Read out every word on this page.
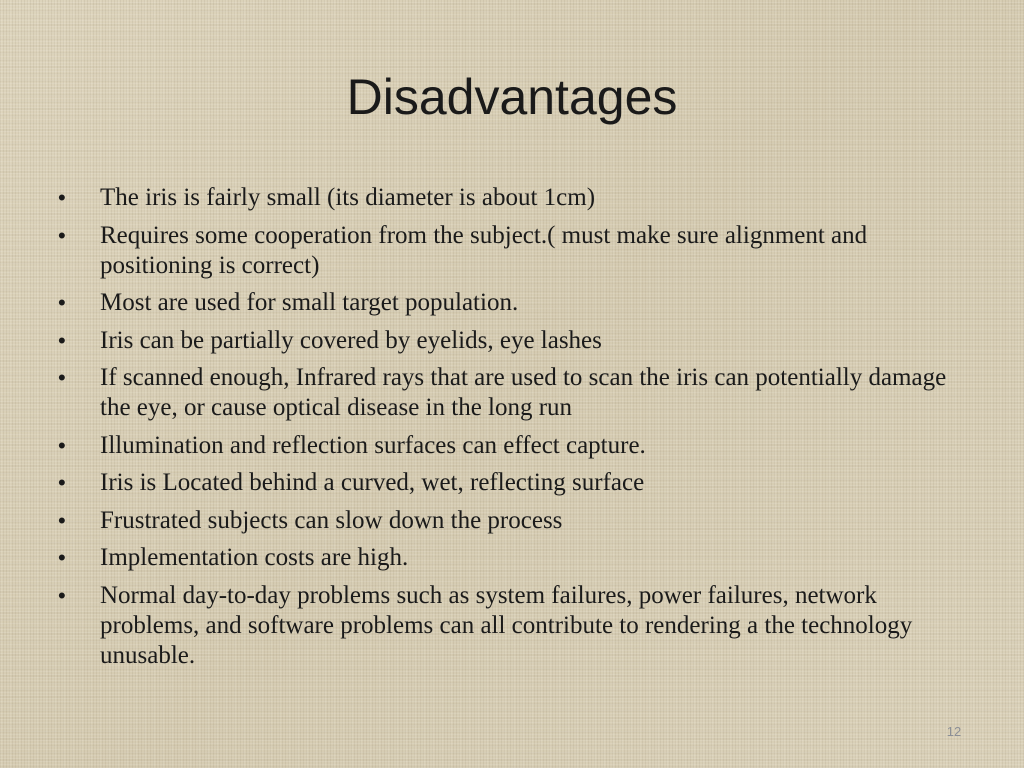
Disadvantages
• The iris is fairly small (its diameter is about 1cm)
• Requires some cooperation from the subject.( must make sure alignment and positioning is correct)
• Most are used for small target population.
• Iris can be partially covered by eyelids, eye lashes
• If scanned enough, Infrared rays that are used to scan the iris can potentially damage the eye, or cause optical disease in the long run
• Illumination and reflection surfaces can effect capture.
• Iris is Located behind a curved, wet, reflecting surface
• Frustrated subjects can slow down the process
• Implementation costs are high.
• Normal day-to-day problems such as system failures, power failures, network problems, and software problems can all contribute to rendering a the technology unusable.
12
